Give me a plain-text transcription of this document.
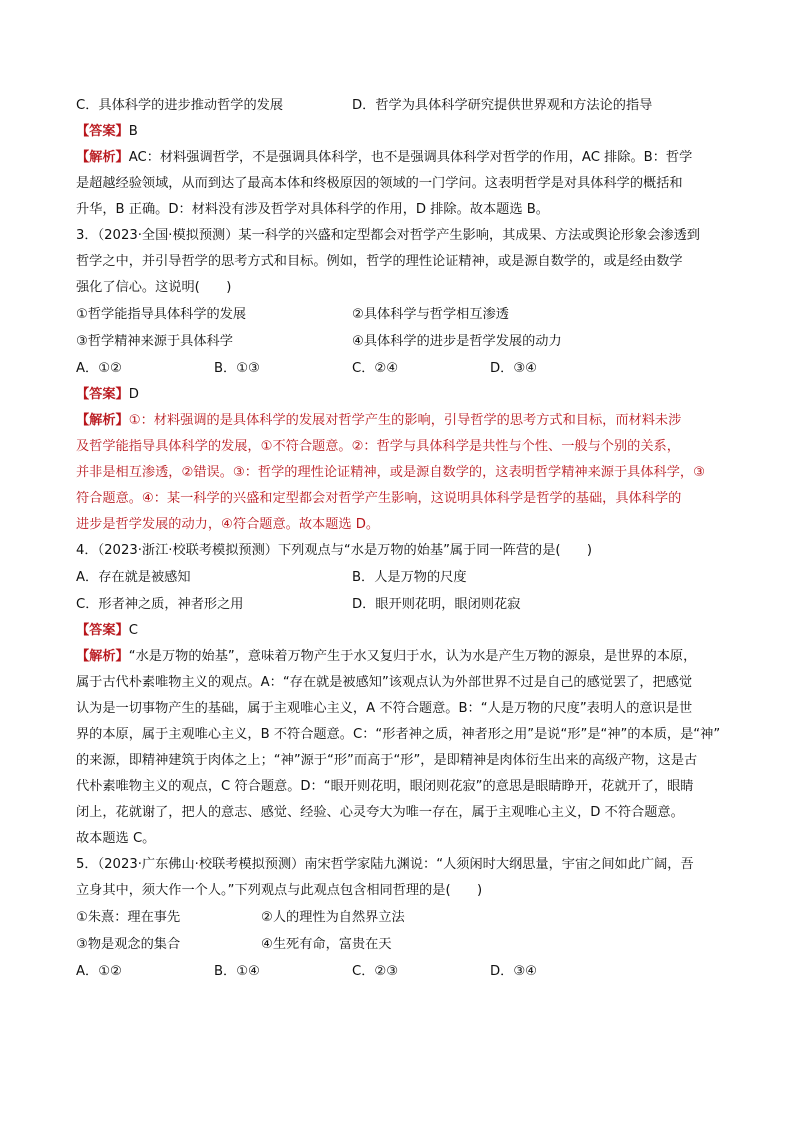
C．具体科学的进步推动哲学的发展	D．哲学为具体科学研究提供世界观和方法论的指导
【答案】B
【解析】AC：材料强调哲学，不是强调具体科学，也不是强调具体科学对哲学的作用，AC 排除。B：哲学
是超越经验领域，从而到达了最高本体和终极原因的领域的一门学问。这表明哲学是对具体科学的概括和
升华，B 正确。D：材料没有涉及哲学对具体科学的作用，D 排除。故本题选 B。
3．（2023·全国·模拟预测）某一科学的兴盛和定型都会对哲学产生影响，其成果、方法或舆论形象会渗透到
哲学之中，并引导哲学的思考方式和目标。例如，哲学的理性论证精神，或是源自数学的，或是经由数学
强化了信心。这说明(　　)
①哲学能指导具体科学的发展	②具体科学与哲学相互渗透
③哲学精神来源于具体科学	④具体科学的进步是哲学发展的动力
A．①②	B．①③	C．②④	D．③④
【答案】D
【解析】①：材料强调的是具体科学的发展对哲学产生的影响，引导哲学的思考方式和目标，而材料未涉
及哲学能指导具体科学的发展，①不符合题意。②：哲学与具体科学是共性与个性、一般与个别的关系，
并非是相互渗透，②错误。③：哲学的理性论证精神，或是源自数学的，这表明哲学精神来源于具体科学，③
符合题意。④：某一科学的兴盛和定型都会对哲学产生影响，这说明具体科学是哲学的基础，具体科学的
进步是哲学发展的动力，④符合题意。故本题选 D。
4．（2023·浙江·校联考模拟预测）下列观点与“水是万物的始基”属于同一阵营的是(　　)
A．存在就是被感知	B．人是万物的尺度
C．形者神之质，神者形之用	D．眼开则花明，眼闭则花寂
【答案】C
【解析】“水是万物的始基”，意味着万物产生于水又复归于水，认为水是产生万物的源泉，是世界的本原，
属于古代朴素唯物主义的观点。A：“存在就是被感知”该观点认为外部世界不过是自己的感觉罢了，把感觉
认为是一切事物产生的基础，属于主观唯心主义，A 不符合题意。B：“人是万物的尺度”表明人的意识是世
界的本原，属于主观唯心主义，B 不符合题意。C：“形者神之质，神者形之用”是说“形”是“神”的本质，是“神”
的来源，即精神建筑于肉体之上；“神”源于“形”而高于“形”，是即精神是肉体衍生出来的高级产物，这是古
代朴素唯物主义的观点，C 符合题意。D：“眼开则花明，眼闭则花寂”的意思是眼睛睁开，花就开了，眼睛
闭上，花就谢了，把人的意志、感觉、经验、心灵夸大为唯一存在，属于主观唯心主义，D 不符合题意。
故本题选 C。
5．（2023·广东佛山·校联考模拟预测）南宋哲学家陆九渊说：“人须闲时大纲思量，宇宙之间如此广阔，吾
立身其中，须大作一个人。”下列观点与此观点包含相同哲理的是(　　)
①朱熹：理在事先	②人的理性为自然界立法
③物是观念的集合	④生死有命，富贵在天
A．①②	B．①④	C．②③	D．③④
